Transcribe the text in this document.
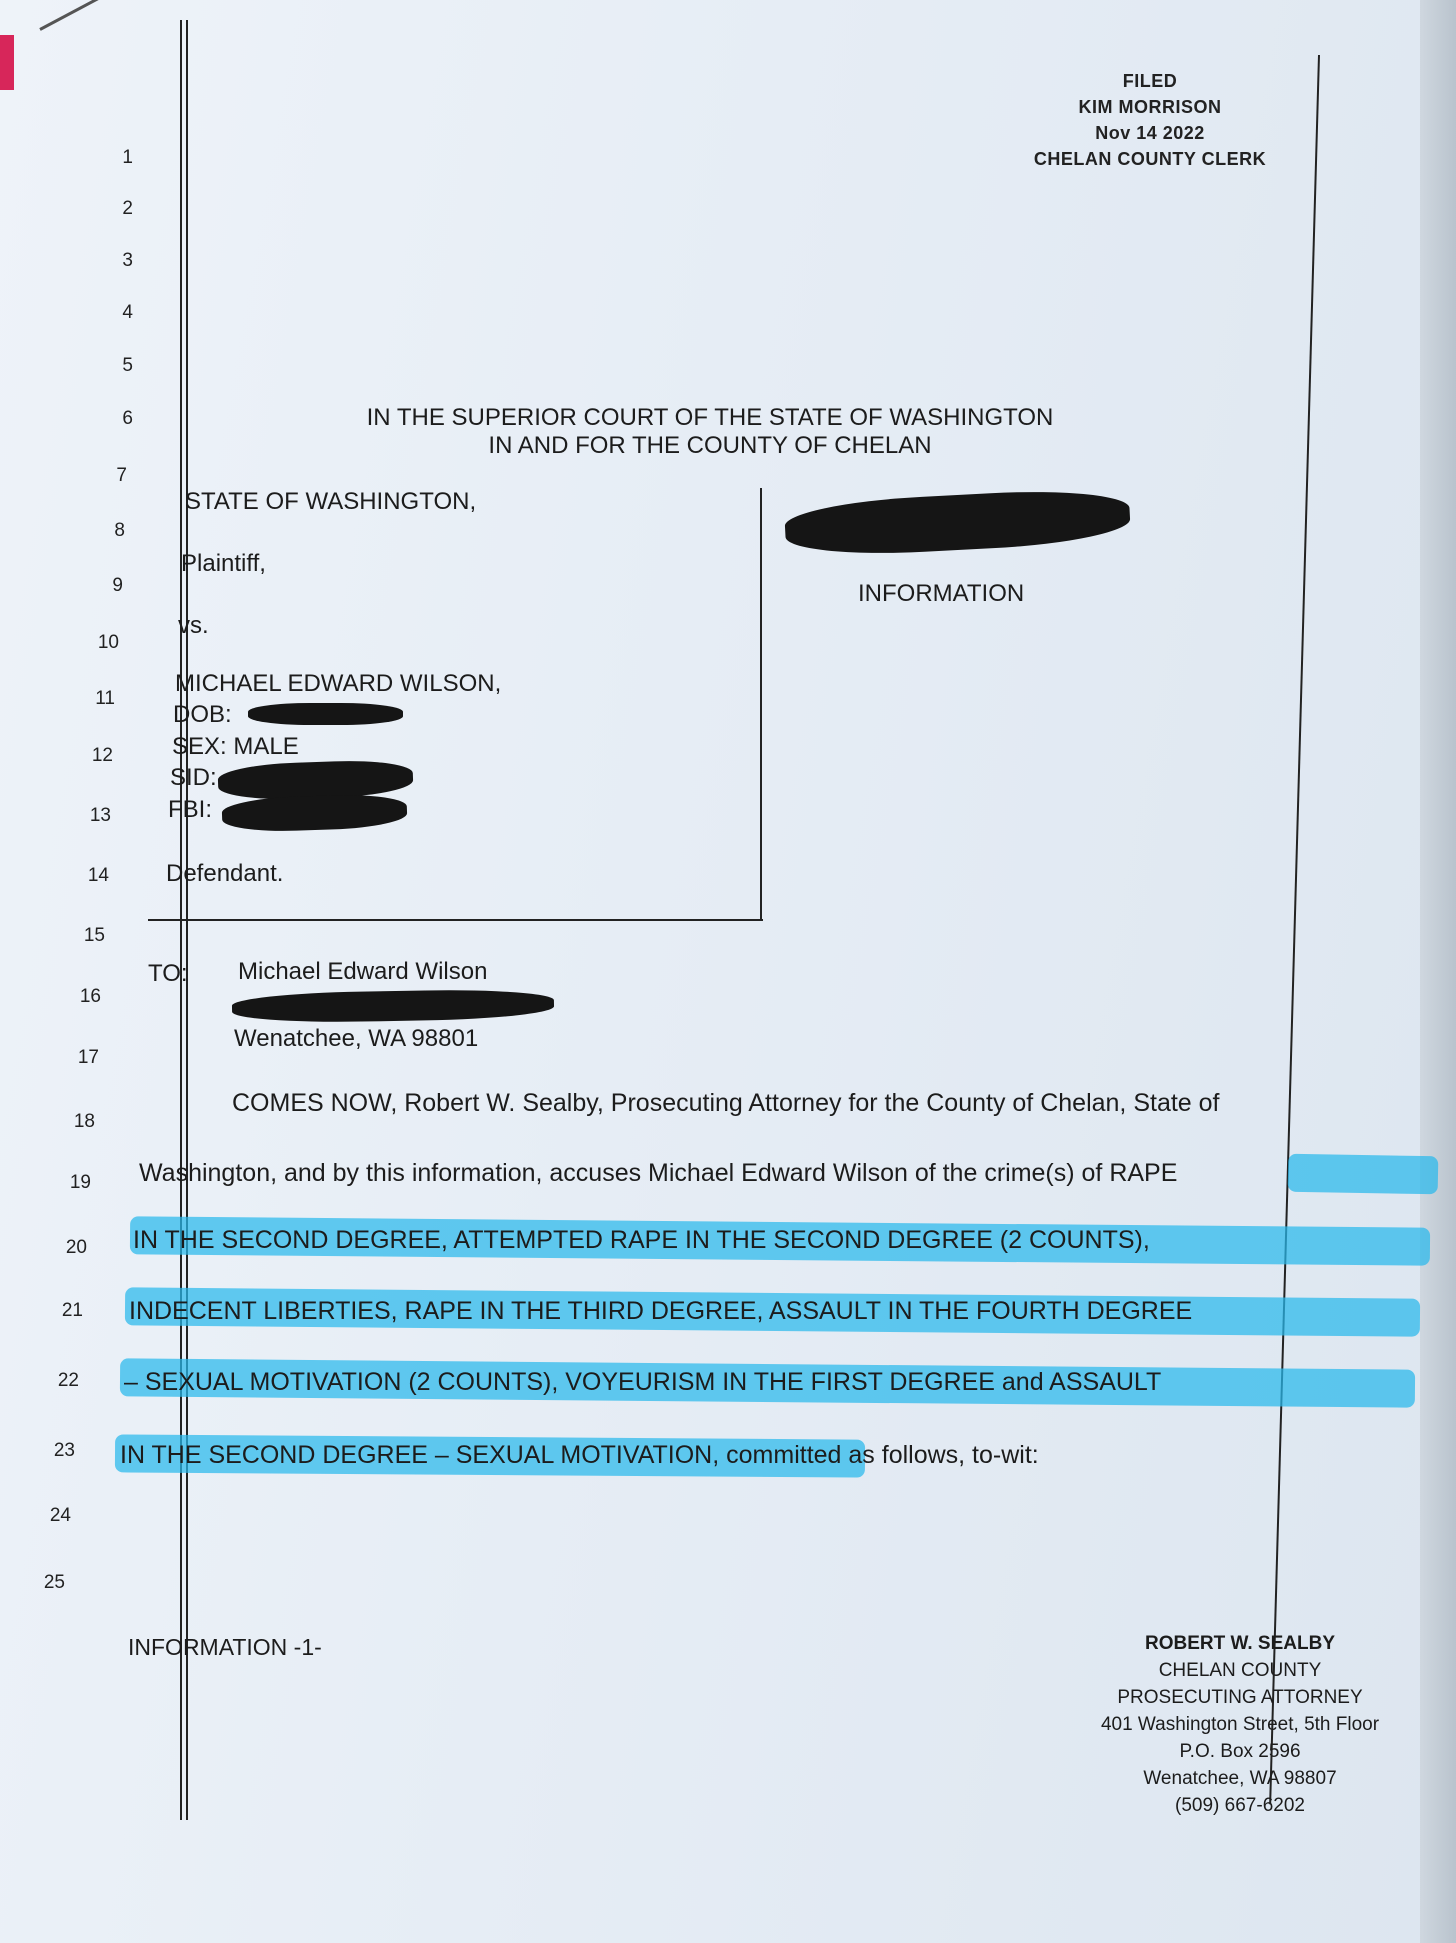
1
2
3
4
5
6
7
8
9
10
11
12
13
14
15
16
17
18
19
20
21
22
23
24
25
FILED
KIM MORRISON
Nov 14 2022
CHELAN COUNTY CLERK
IN THE SUPERIOR COURT OF THE STATE OF WASHINGTON
IN AND FOR THE COUNTY OF CHELAN
STATE OF WASHINGTON,
Plaintiff,
vs.
MICHAEL EDWARD WILSON,
DOB:
SEX: MALE
SID:
FBI:
Defendant.
INFORMATION
TO: Michael Edward Wilson
Wenatchee, WA 98801
COMES NOW, Robert W. Sealby, Prosecuting Attorney for the County of Chelan, State of
Washington, and by this information, accuses Michael Edward Wilson of the crime(s) of RAPE
IN THE SECOND DEGREE, ATTEMPTED RAPE IN THE SECOND DEGREE (2 COUNTS),
INDECENT LIBERTIES, RAPE IN THE THIRD DEGREE, ASSAULT IN THE FOURTH DEGREE
– SEXUAL MOTIVATION (2 COUNTS), VOYEURISM IN THE FIRST DEGREE and ASSAULT
IN THE SECOND DEGREE – SEXUAL MOTIVATION, committed as follows, to-wit:
INFORMATION -1-	ROBERT W. SEALBY
CHELAN COUNTY
PROSECUTING ATTORNEY
401 Washington Street, 5th Floor
P.O. Box 2596
Wenatchee, WA 98807
(509) 667-6202
